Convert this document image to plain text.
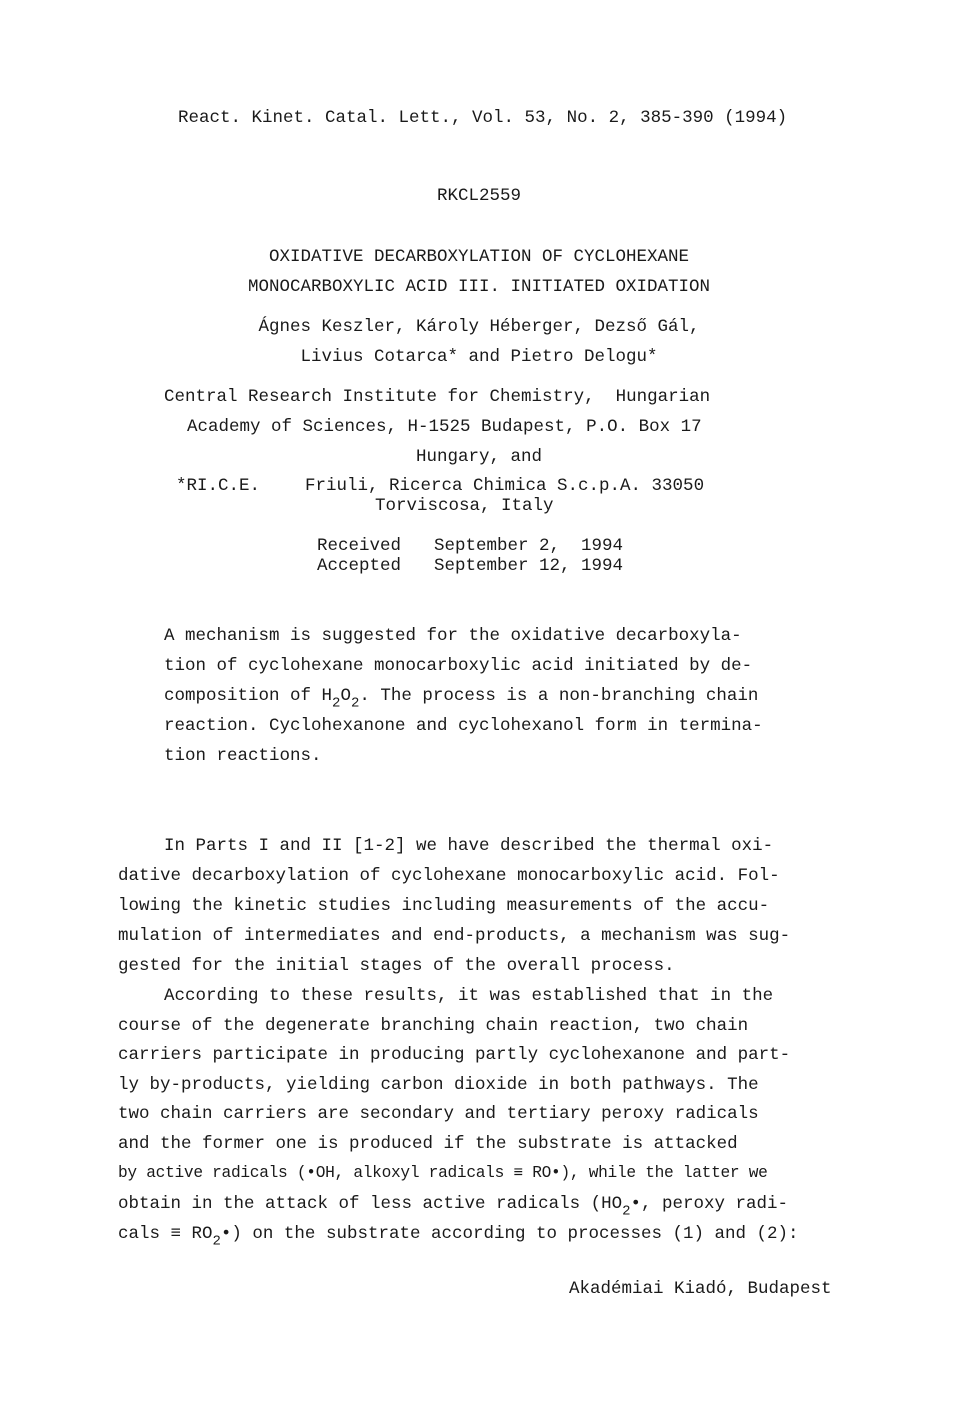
React. Kinet. Catal. Lett., Vol. 53, No. 2, 385-390 (1994)
RKCL2559
OXIDATIVE DECARBOXYLATION OF CYCLOHEXANE
MONOCARBOXYLIC ACID III. INITIATED OXIDATION
Ágnes Keszler, Károly Héberger, Dezső Gál,
Livius Cotarca* and Pietro Delogu*
Central Research Institute for Chemistry,  Hungarian
Academy of Sciences, H-1525 Budapest, P.O. Box 17
Hungary, and
*RI.C.E.	Friuli, Ricerca Chimica S.c.p.A. 33050
Torviscosa, Italy
Received September 2,  1994
Accepted September 12, 1994
A mechanism is suggested for the oxidative decarboxyla-
tion of cyclohexane monocarboxylic acid initiated by de-
composition of $H_2O_2$. The process is a non-branching chain
reaction. Cyclohexanone and cyclohexanol form in termina-
tion reactions.
In Parts I and II [1-2] we have described the thermal oxi-
dative decarboxylation of cyclohexane monocarboxylic acid. Fol-
lowing the kinetic studies including measurements of the accu-
mulation of intermediates and end-products, a mechanism was sug-
gested for the initial stages of the overall process.
According to these results, it was established that in the
course of the degenerate branching chain reaction, two chain
carriers participate in producing partly cyclohexanone and part-
ly by-products, yielding carbon dioxide in both pathways. The
two chain carriers are secondary and tertiary peroxy radicals
and the former one is produced if the substrate is attacked
by active radicals (•OH, alkoxyl radicals ≡ RO•), while the latter we
obtain in the attack of less active radicals ($HO_2•$, peroxy radi-
cals ≡ $RO_2•$) on the substrate according to processes (1) and (2):
Akadémiai Kiadó, Budapest
